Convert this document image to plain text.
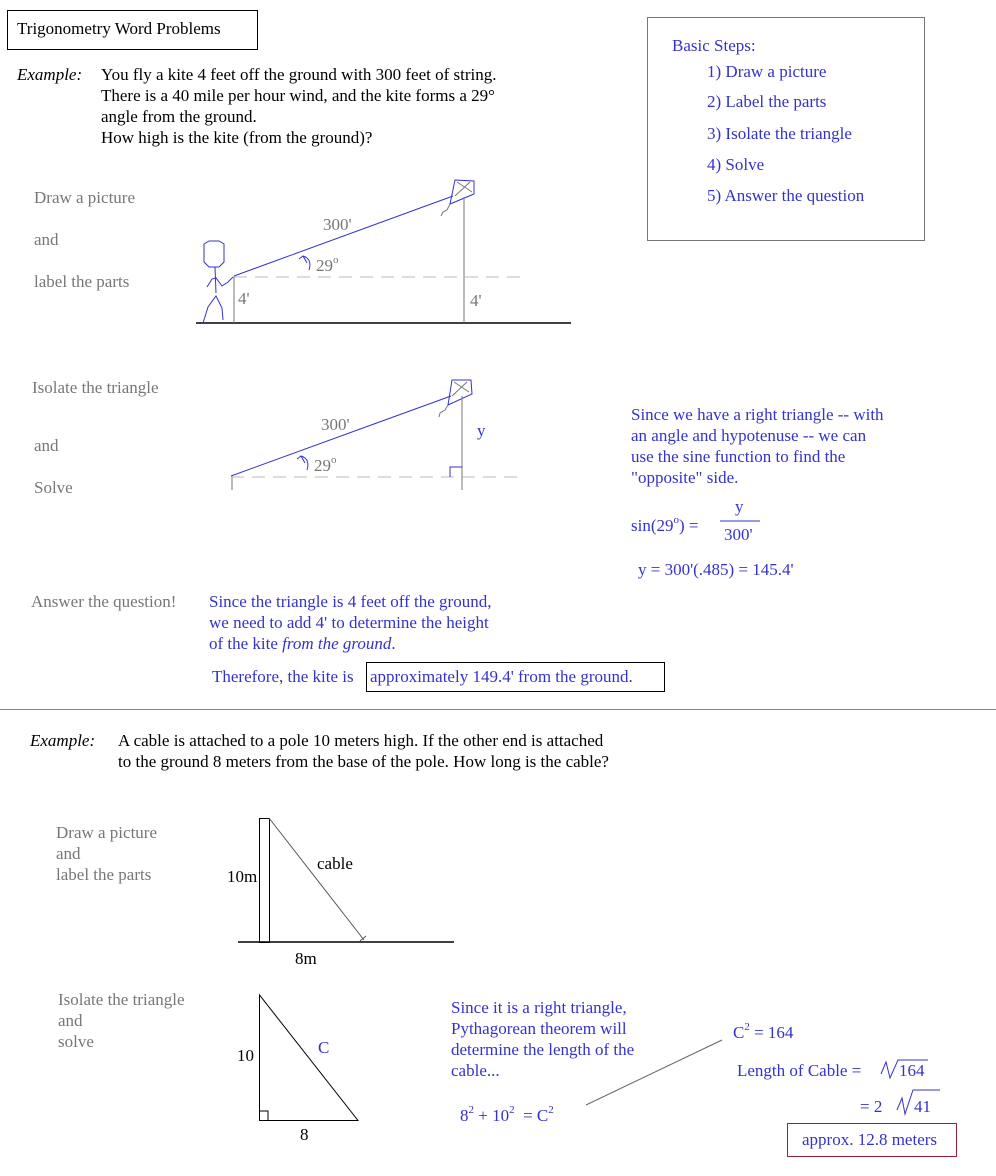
Trigonometry Word Problems
Example: You fly a kite 4 feet off the ground with 300 feet of string.
There is a 40 mile per hour wind, and the kite forms a 29°
angle from the ground.
How high is the kite (from the ground)?
Basic Steps:
1) Draw a picture
2) Label the parts
3) Isolate the triangle
4) Solve
5) Answer the question
Draw a picture
and
label the parts
300'
29$^o$
4'	4'
Isolate the triangle
and
Solve
300'
29$^o$
y
Since we have a right triangle -- with
an angle and hypotenuse -- we can
use the sine function to find the
"opposite" side.
$\sin(29^o)$ =
y
300'
y = 300'(.485) = 145.4'
Answer the question! Since the triangle is 4 feet off the ground,
we need to add 4' to determine the height
of the kite from the ground.
Therefore, the kite is approximately 149.4' from the ground.
Example: A cable is attached to a pole 10 meters high. If the other end is attached
to the ground 8 meters from the base of the pole. How long is the cable?
Draw a picture
and
label the parts	10m
cable
8m
Isolate the triangle
and
solve
10	C
8
Since it is a right triangle,
Pythagorean theorem will
determine the length of the
cable...
$8^2 + 10^2 = C^2$
$C^2 = 164$
Length of Cable = 164
= 2 41
approx. 12.8 meters
